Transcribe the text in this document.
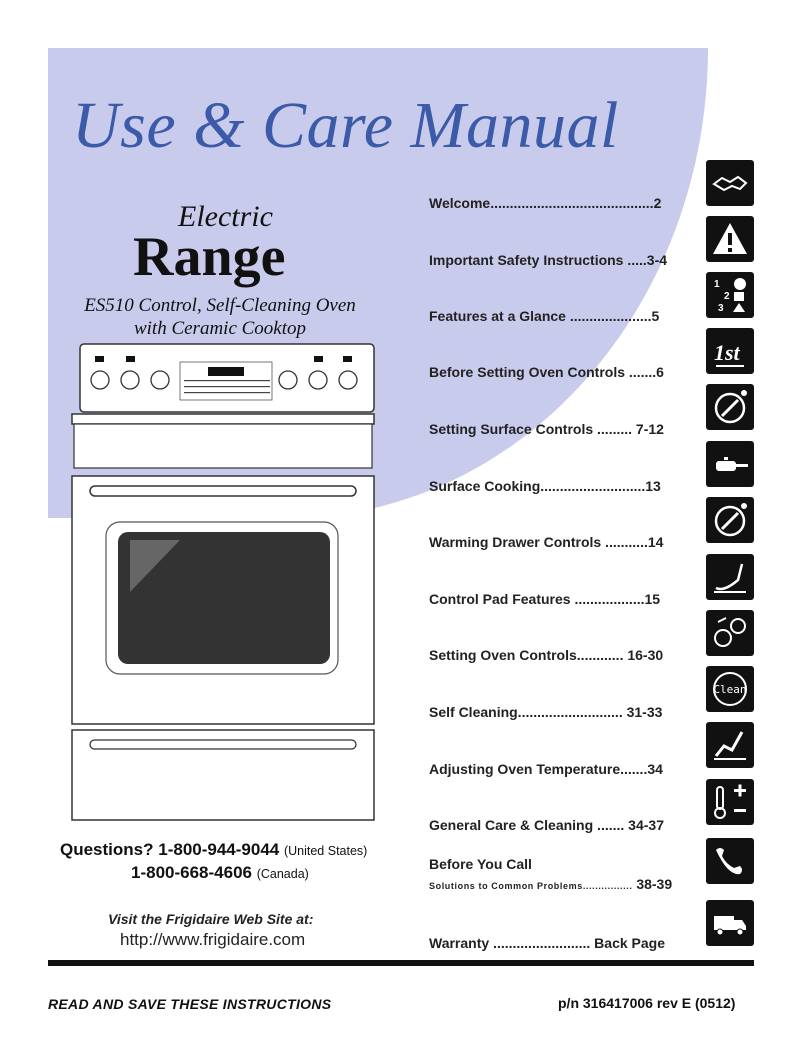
Use & Care Manual
Electric
Range
ES510 Control, Self-Cleaning Oven
with Ceramic Cooktop
Welcome..........................................2
Important Safety Instructions .....3-4
Features at a Glance .....................5
Before Setting Oven Controls .......6
Setting Surface Controls ......... 7-12
Surface Cooking...........................13
Warming Drawer Controls ...........14
Control Pad Features ..................15
Setting Oven Controls............ 16-30
Self Cleaning........................... 31-33
Adjusting Oven Temperature.......34
General Care & Cleaning ....... 34-37
Before You Call
Solutions to Common Problems................ 38-39
Warranty ......................... Back Page
1
2
3
1st
Clean
Questions? 1-800-944-9044 (United States)
1-800-668-4606 (Canada)
Visit the Frigidaire Web Site at:
http://www.frigidaire.com
READ AND SAVE THESE INSTRUCTIONS	p/n 316417006 rev E (0512)
